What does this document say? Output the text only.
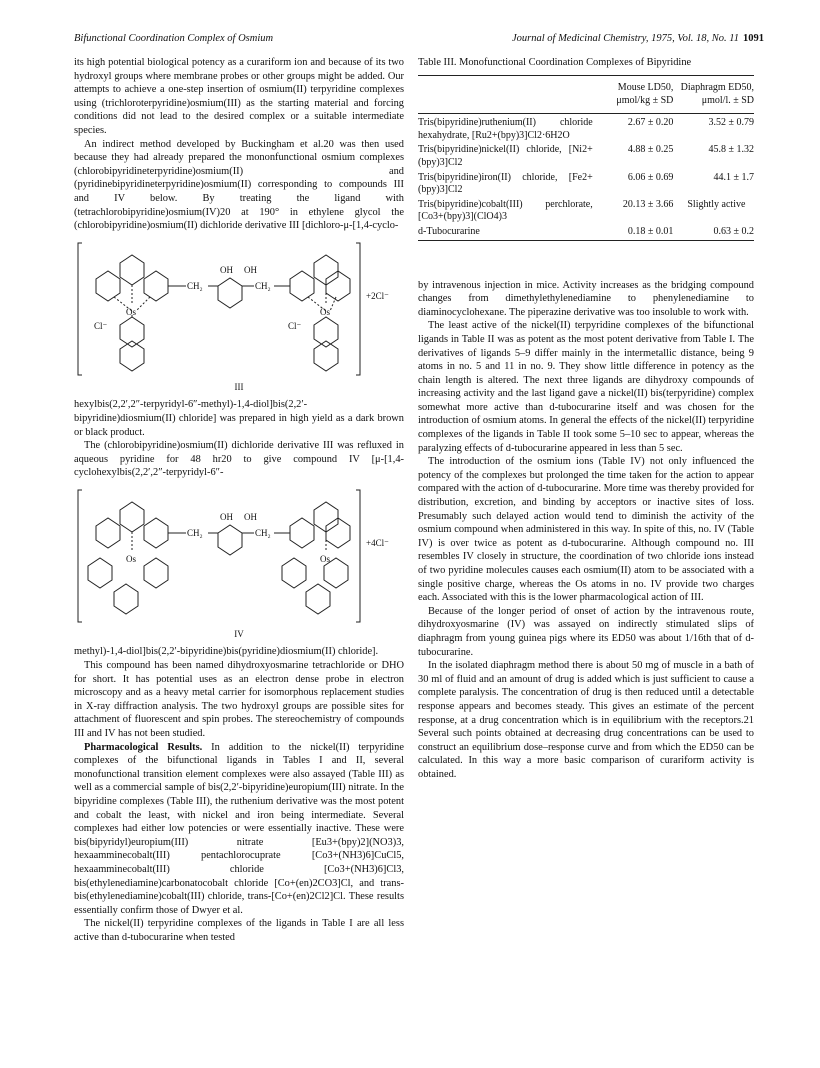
Bifunctional Coordination Complex of Osmium	Journal of Medicinal Chemistry, 1975, Vol. 18, No. 11 1091

its high potential biological potency as a curariform ion and because of its two hydroxyl groups where membrane probes or other groups might be added. Our attempts to achieve a one-step insertion of osmium(II) terpyridine complexes using (trichloroterpyridine)osmium(III) as the starting material and forcing conditions did not lead to the desired complex or a suitable intermediate species.

An indirect method developed by Buckingham et al.20 was then used because they had already prepared the mononfunctional osmium complexes (chlorobipyridineterpyridine)osmium(II) and (pyridinebipyridineterpyridine)osmium(II) corresponding to compounds III and IV below. By treating the ligand with (tetrachlorobipyridine)osmium(IV)20 at 190° in ethylene glycol the (chlorobipyridine)osmium(II) dichloride derivative III [dichloro-μ-[1,4-cyclo-

Os	Os
OH OH
CH₂	CH₂
Cl⁻	Cl⁻
+2Cl⁻
III

hexylbis(2,2′,2″-terpyridyl-6″-methyl)-1,4-diol]bis(2,2′-bipyridine)diosmium(II) chloride] was prepared in high yield as a dark brown or black product.

The (chlorobipyridine)osmium(II) dichloride derivative III was refluxed in aqueous pyridine for 48 hr20 to give compound IV [μ-[1,4-cyclohexylbis(2,2′,2″-terpyridyl-6″-

Os	Os
OH OH
CH₂	CH₂
+4Cl⁻
IV

methyl)-1,4-diol]bis(2,2′-bipyridine)bis(pyridine)diosmium(II) chloride].

This compound has been named dihydroxyosmarine tetrachloride or DHO for short. It has potential uses as an electron dense probe in electron microscopy and as a heavy metal carrier for isomorphous replacement studies in X-ray diffraction analysis. The two hydroxyl groups are possible sites for attachment of fluorescent and spin probes. The stereochemistry of compounds III and IV has not been studied.

Pharmacological Results. In addition to the nickel(II) terpyridine complexes of the bifunctional ligands in Tables I and II, several monofunctional transition element complexes were also assayed (Table III) as well as a commercial sample of bis(2,2′-bipyridine)europium(III) nitrate. In the bipyridine complexes (Table III), the ruthenium derivative was the most potent and cobalt the least, with nickel and iron being intermediate. Several complexes had either low potencies or were essentially inactive. These were bis(bipyridyl)europium(III) nitrate [Eu3+(bpy)2](NO3)3, hexaamminecobalt(III) pentachlorocuprate [Co3+(NH3)6]CuCl5, hexaamminecobalt(III) chloride [Co3+(NH3)6]Cl3, bis(ethylenediamine)carbonatocobalt chloride [Co+(en)2CO3]Cl, and trans-bis(ethylenediamine)cobalt(III) chloride, trans-[Co+(en)2Cl2]Cl. These results essentially confirm those of Dwyer et al.

The nickel(II) terpyridine complexes of the ligands in Table I are all less active than d-tubocurarine when tested

Table III. Monofunctional Coordination Complexes of Bipyridine

	Mouse LD50, μmol/kg ± SD	Diaphragm ED50, μmol/l. ± SD

Tris(bipyridine)ruthenium(II) chloride hexahydrate, [Ru2+(bpy)3]Cl2·6H2O	2.67 ± 0.20	3.52 ± 0.79
Tris(bipyridine)nickel(II) chloride, [Ni2+(bpy)3]Cl2	4.88 ± 0.25	45.8 ± 1.32
Tris(bipyridine)iron(II) chloride, [Fe2+(bpy)3]Cl2	6.06 ± 0.69	44.1 ± 1.7
Tris(bipyridine)cobalt(III) perchlorate, [Co3+(bpy)3](ClO4)3	20.13 ± 3.66	Slightly active
d-Tubocurarine	0.18 ± 0.01	0.63 ± 0.2

by intravenous injection in mice. Activity increases as the bridging compound changes from dimethylethylenediamine to phenylenediamine to diaminocyclohexane. The piperazine derivative was too insoluble to work with.

The least active of the nickel(II) terpyridine complexes of the bifunctional ligands in Table II was as potent as the most potent derivative from Table I. The derivatives of ligands 5–9 differ mainly in the intermetallic distance, being 9 atoms in no. 5 and 11 in no. 9. They show little difference in potency as the chain length is altered. The next three ligands are dihydroxy compounds of increasing activity and the last ligand gave a nickel(II) bis(terpyridine) complex somewhat more active than d-tubocurarine itself and was chosen for the introduction of osmium atoms. In general the effects of the nickel(II) terpyridine complexes of the ligands in Table II took some 5–10 sec to appear, whereas the paralyzing effects of d-tubocurarine appeared in less than 5 sec.

The introduction of the osmium ions (Table IV) not only influenced the potency of the complexes but prolonged the time taken for the action to appear compared with the action of d-tubocurarine. More time was thereby provided for distribution, excretion, and binding by acceptors or inactive sites of loss. Presumably such delayed action would tend to diminish the activity of the osmium compound when administered in this way. In spite of this, no. IV (Table IV) is over twice as potent as d-tubocurarine. Although compound no. III resembles IV closely in structure, the coordination of two chloride ions instead of two pyridine molecules causes each osmium(II) atom to be associated with a single positive charge, whereas the Os atoms in no. IV provide two charges each. Associated with this is the lower pharmacological action of III.

Because of the longer period of onset of action by the intravenous route, dihydroxyosmarine (IV) was assayed on indirectly stimulated slips of diaphragm from young guinea pigs where its ED50 was about 1/16th that of d-tubocurarine.

In the isolated diaphragm method there is about 50 mg of muscle in a bath of 30 ml of fluid and an amount of drug is added which is just sufficient to cause a complete paralysis. The concentration of drug is then reduced until a detectable response appears and becomes steady. This gives an estimate of the percent response, at a drug concentration which is in equilibrium with the receptors.21 Several such points obtained at decreasing drug concentrations can be used to construct an equilibrium dose–response curve and from which the ED50 can be calculated. In this way a more basic comparison of curariform activity is obtained.
